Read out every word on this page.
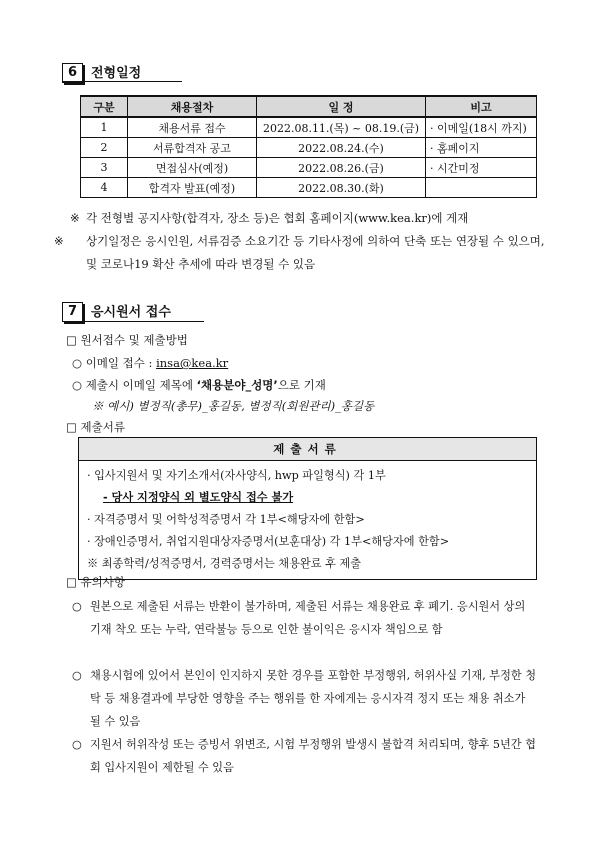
6	전형일정
구분	채용절차	일 정	비고
1	채용서류 접수	2022.08.11.(목) ~ 08.19.(금)	· 이메일(18시 까지)
2	서류합격자 공고	2022.08.24.(수)	· 홈페이지
3	면접심사(예정)	2022.08.26.(금)	· 시간미정
4	합격자 발표(예정)	2022.08.30.(화)	
※ 각 전형별 공지사항(합격자, 장소 등)은 협회 홈페이지(www.kea.kr)에 게재
※ 상기일정은 응시인원, 서류검증 소요기간 등 기타사정에 의하여 단축 또는 연장될 수 있으며, 및 코로나19 확산 추세에 따라 변경될 수 있음
7	응시원서 접수
□ 원서접수 및 제출방법
○ 이메일 접수 : insa@kea.kr
○ 제출시 이메일 제목에 ‘채용분야_성명’으로 기재
※ 예시) 별정직(총무)_홍길동, 별정직(회원관리)_홍길동
□ 제출서류
제출서류
· 입사지원서 및 자기소개서(자사양식, hwp 파일형식) 각 1부
- 당사 지정양식 외 별도양식 접수 불가
· 자격증명서 및 어학성적증명서 각 1부<해당자에 한함>
· 장애인증명서, 취업지원대상자증명서(보훈대상) 각 1부<해당자에 한함>
※ 최종학력/성적증명서, 경력증명서는 채용완료 후 제출
□ 유의사항
○ 원본으로 제출된 서류는 반환이 불가하며, 제출된 서류는 채용완료 후 폐기. 응시원서 상의 기재 착오 또는 누락, 연락불능 등으로 인한 불이익은 응시자 책임으로 함
○ 채용시험에 있어서 본인이 인지하지 못한 경우를 포함한 부정행위, 허위사실 기재, 부정한 청탁 등 채용결과에 부당한 영향을 주는 행위를 한 자에게는 응시자격 정지 또는 채용 취소가 될 수 있음
○ 지원서 허위작성 또는 증빙서 위변조, 시험 부정행위 발생시 불합격 처리되며, 향후 5년간 협회 입사지원이 제한될 수 있음
